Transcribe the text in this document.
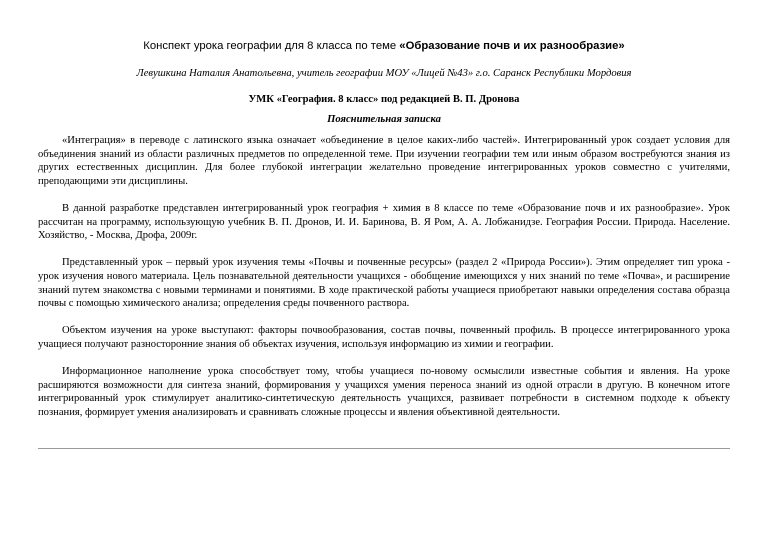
Конспект урока географии для 8 класса по теме «Образование почв и их разнообразие»
Левушкина Наталия Анатольевна, учитель географии МОУ «Лицей №43» г.о. Саранск Республики Мордовия
УМК «География. 8 класс» под редакцией В. П. Дронова
Пояснительная записка

«Интеграция» в переводе с латинского языка означает «объединение в целое каких-либо частей». Интегрированный урок создает условия для объединения знаний из области различных предметов по определенной теме. При изучении географии тем или иным образом востребуются знания из других естественных дисциплин. Для более глубокой интеграции желательно проведение интегрированных уроков совместно с учителями, преподающими эти дисциплины.

В данной разработке представлен интегрированный урок география + химия в 8 классе по теме «Образование почв и их разнообразие». Урок рассчитан на программу, использующую учебник В. П. Дронов, И. И. Баринова, В. Я Ром, А. А. Лобжанидзе. География России. Природа. Население. Хозяйство, - Москва, Дрофа, 2009г.

Представленный урок – первый урок изучения темы «Почвы и почвенные ресурсы» (раздел 2 «Природа России»). Этим определяет тип урока - урок изучения нового материала. Цель познавательной деятельности учащихся - обобщение имеющихся у них знаний по теме «Почва», и расширение знаний путем знакомства с новыми терминами и понятиями. В ходе практической работы учащиеся приобретают навыки определения состава образца почвы с помощью химического анализа; определения среды почвенного раствора.

Объектом изучения на уроке выступают: факторы почвообразования, состав почвы, почвенный профиль. В процессе интегрированного урока учащиеся получают разносторонние знания об объектах изучения, используя информацию из химии и географии.

Информационное наполнение урока способствует тому, чтобы учащиеся по-новому осмыслили известные события и явления. На уроке расширяются возможности для синтеза знаний, формирования у учащихся умения переноса знаний из одной отрасли в другую. В конечном итоге интегрированный урок стимулирует аналитико-синтетическую деятельность учащихся, развивает потребности в системном подходе к объекту познания, формирует умения анализировать и сравнивать сложные процессы и явления объективной деятельности.
